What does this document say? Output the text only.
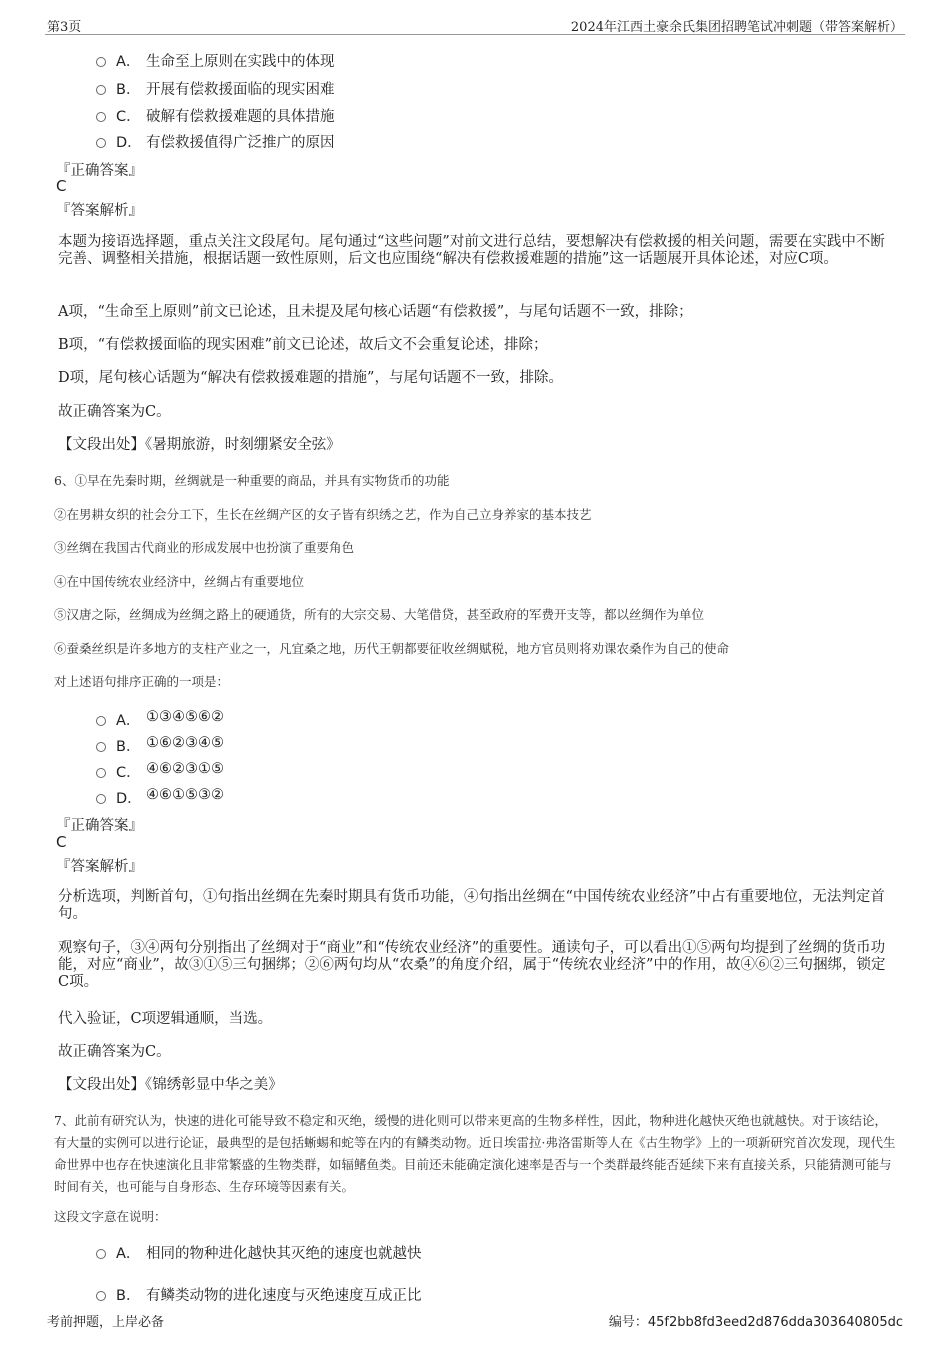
第3页	2024年江西土豪余氏集团招聘笔试冲刺题（带答案解析）
A． 生命至上原则在实践中的体现
B． 开展有偿救援面临的现实困难
C． 破解有偿救援难题的具体措施
D． 有偿救援值得广泛推广的原因
『正确答案』
C
『答案解析』
本题为接语选择题，重点关注文段尾句。尾句通过“这些问题”对前文进行总结，要想解决有偿救援的相关问题，需要在实践中不断完善、调整相关措施，根据话题一致性原则，后文也应围绕“解决有偿救援难题的措施”这一话题展开具体论述，对应C项。
A项，“生命至上原则”前文已论述，且未提及尾句核心话题“有偿救援”，与尾句话题不一致，排除；
B项，“有偿救援面临的现实困难”前文已论述，故后文不会重复论述，排除；
D项，尾句核心话题为“解决有偿救援难题的措施”，与尾句话题不一致，排除。
故正确答案为C。
【文段出处】《暑期旅游，时刻绷紧安全弦》
6、①早在先秦时期，丝绸就是一种重要的商品，并具有实物货币的功能
②在男耕女织的社会分工下，生长在丝绸产区的女子皆有织绣之艺，作为自己立身养家的基本技艺
③丝绸在我国古代商业的形成发展中也扮演了重要角色
④在中国传统农业经济中，丝绸占有重要地位
⑤汉唐之际，丝绸成为丝绸之路上的硬通货，所有的大宗交易、大笔借贷，甚至政府的军费开支等，都以丝绸作为单位
⑥蚕桑丝织是许多地方的支柱产业之一，凡宜桑之地，历代王朝都要征收丝绸赋税，地方官员则将劝课农桑作为自己的使命
对上述语句排序正确的一项是：
A． ①③④⑤⑥②
B． ①⑥②③④⑤
C． ④⑥②③①⑤
D． ④⑥①⑤③②
『正确答案』
C
『答案解析』
分析选项，判断首句，①句指出丝绸在先秦时期具有货币功能，④句指出丝绸在“中国传统农业经济”中占有重要地位，无法判定首句。
观察句子，③④两句分别指出了丝绸对于“商业”和“传统农业经济”的重要性。通读句子，可以看出①⑤两句均提到了丝绸的货币功能，对应“商业”，故③①⑤三句捆绑；②⑥两句均从“农桑”的角度介绍，属于“传统农业经济”中的作用，故④⑥②三句捆绑，锁定C项。
代入验证，C项逻辑通顺，当选。
故正确答案为C。
【文段出处】《锦绣彰显中华之美》
7、此前有研究认为，快速的进化可能导致不稳定和灭绝，缓慢的进化则可以带来更高的生物多样性，因此，物种进化越快灭绝也就越快。对于该结论，有大量的实例可以进行论证，最典型的是包括蜥蜴和蛇等在内的有鳞类动物。近日埃雷拉·弗洛雷斯等人在《古生物学》上的一项新研究首次发现，现代生命世界中也存在快速演化且非常繁盛的生物类群，如辐鳍鱼类。目前还未能确定演化速率是否与一个类群最终能否延续下来有直接关系，只能猜测可能与时间有关，也可能与自身形态、生存环境等因素有关。
这段文字意在说明：
A． 相同的物种进化越快其灭绝的速度也就越快
B． 有鳞类动物的进化速度与灭绝速度互成正比
考前押题，上岸必备	编号：45f2bb8fd3eed2d876dda303640805dc
